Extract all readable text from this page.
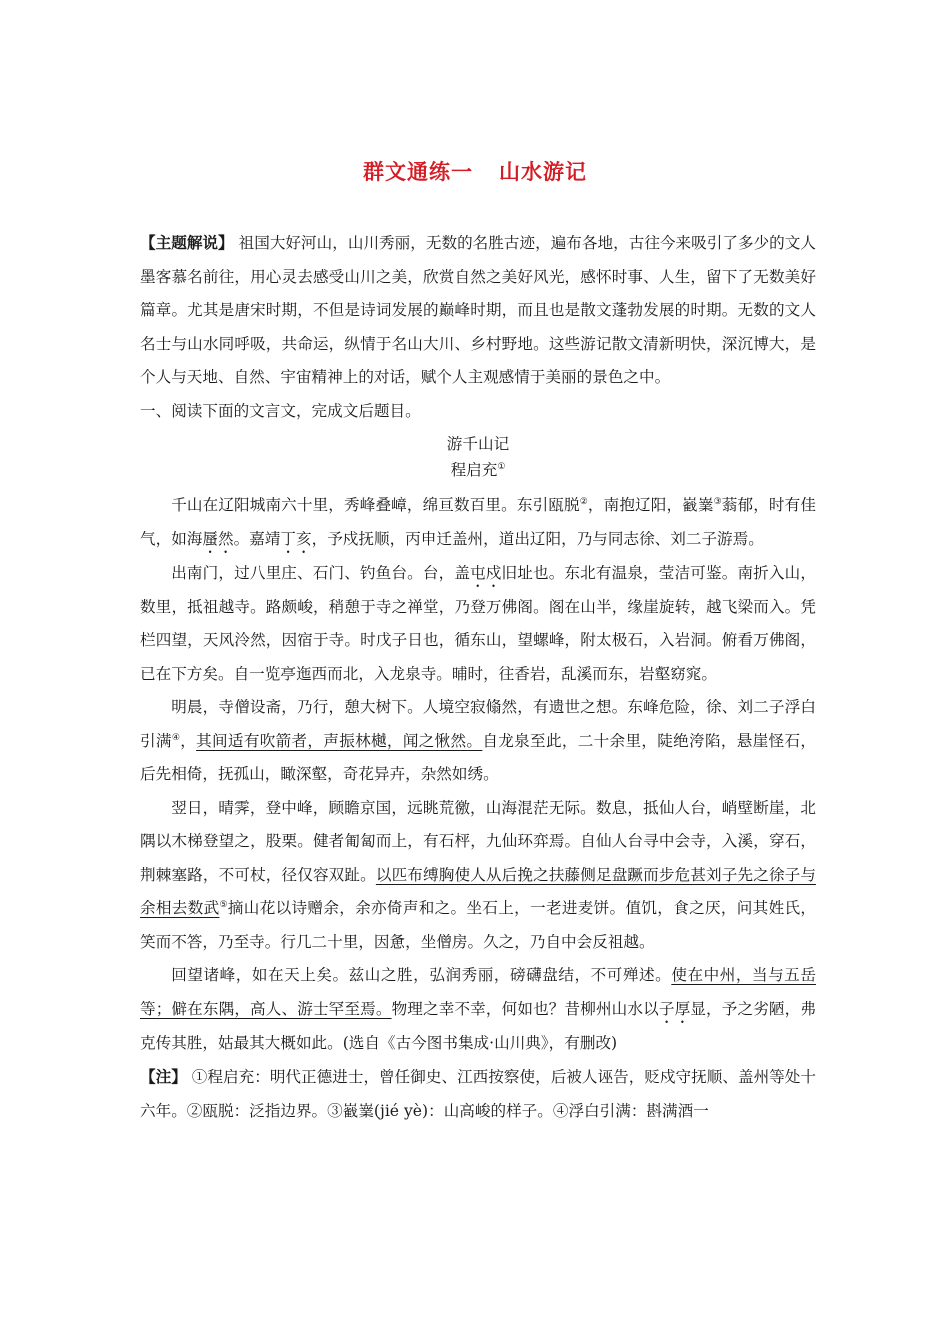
群文通练一 山水游记

【主题解说】 祖国大好河山，山川秀丽，无数的名胜古迹，遍布各地，古往今来吸引了多少的文人墨客慕名前往，用心灵去感受山川之美，欣赏自然之美好风光，感怀时事、人生，留下了无数美好篇章。尤其是唐宋时期，不但是诗词发展的巅峰时期，而且也是散文蓬勃发展的时期。无数的文人名士与山水同呼吸，共命运，纵情于名山大川、乡村野地。这些游记散文清新明快，深沉博大，是个人与天地、自然、宇宙精神上的对话，赋个人主观感情于美丽的景色之中。

一、阅读下面的文言文，完成文后题目。

游千山记

程启充①

千山在辽阳城南六十里，秀峰叠嶂，绵亘数百里。东引瓯脱②，南抱辽阳，巀嶪③蓊郁，时有佳气，如海蜃然。嘉靖丁亥，予戍抚顺，丙申迁盖州，道出辽阳，乃与同志徐、刘二子游焉。

出南门，过八里庄、石门、钓鱼台。台，盖屯戍旧址也。东北有温泉，莹洁可鉴。南折入山，数里，抵祖越寺。路颇峻，稍憩于寺之禅堂，乃登万佛阁。阁在山半，缘崖旋转，越飞梁而入。凭栏四望，天风泠然，因宿于寺。时戊子日也，循东山，望螺峰，附太极石，入岩洞。俯看万佛阁，已在下方矣。自一览亭迤西而北，入龙泉寺。晡时，往香岩，乱溪而东，岩壑窈窕。

明晨，寺僧设斋，乃行，憩大树下。人境空寂翛然，有遗世之想。东峰危险，徐、刘二子浮白引满④，其间适有吹箭者，声振林樾，闻之愀然。自龙泉至此，二十余里，陡绝洿陷，悬崖怪石，后先相倚，抚孤山，瞰深壑，奇花异卉，杂然如绣。

翌日，晴霁，登中峰，顾瞻京国，远眺荒徼，山海混茫无际。数息，抵仙人台，峭壁断崖，北隅以木梯登望之，股栗。健者匍匐而上，有石枰，九仙环弈焉。自仙人台寻中会寺，入溪，穿石，荆棘塞路，不可杖，径仅容双趾。以匹布缚胸使人从后挽之扶藤侧足盘蹶而步危甚刘子先之徐子与余相去数武⑤摘山花以诗赠余，余亦倚声和之。坐石上，一老进麦饼。值饥，食之厌，问其姓氏，笑而不答，乃至寺。行几二十里，因惫，坐僧房。久之，乃自中会反祖越。

回望诸峰，如在天上矣。兹山之胜，弘润秀丽，磅礴盘结，不可殚述。使在中州，当与五岳等；僻在东隅，高人、游士罕至焉。物理之幸不幸，何如也？昔柳州山水以子厚显，予之劣陋，弗克传其胜，姑最其大概如此。(选自《古今图书集成·山川典》，有删改)

【注】 ①程启充：明代正德进士，曾任御史、江西按察使，后被人诬告，贬戍守抚顺、盖州等处十六年。②瓯脱：泛指边界。③巀嶪(jié yè)：山高峻的样子。④浮白引满：斟满酒一
